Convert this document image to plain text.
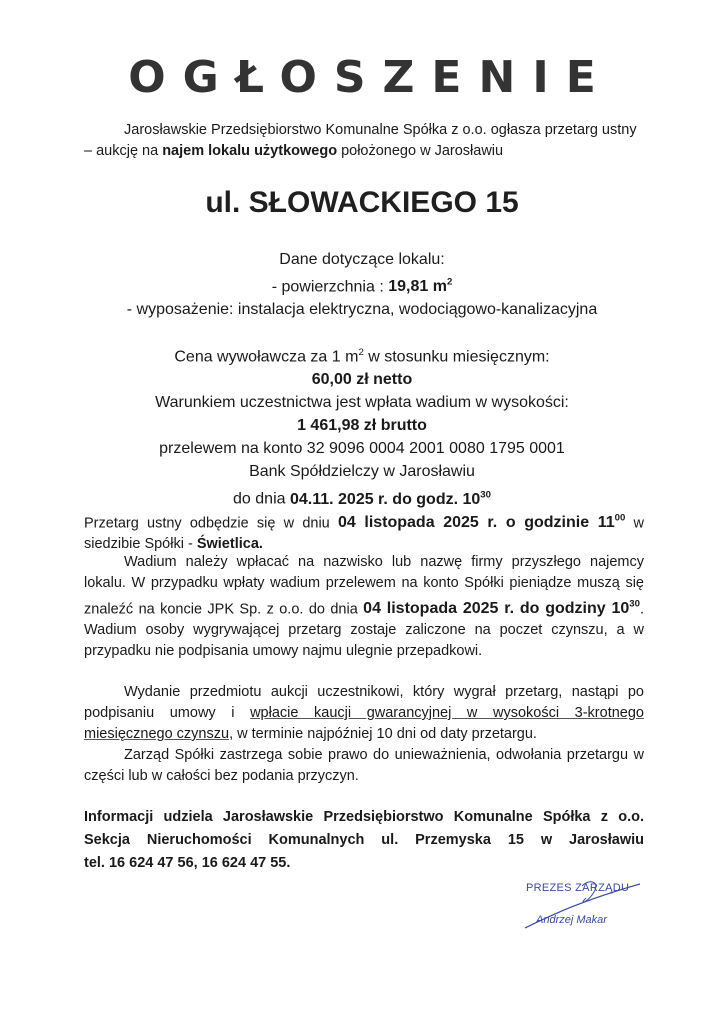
OGŁOSZENIE
Jarosławskie Przedsiębiorstwo Komunalne Spółka z o.o. ogłasza przetarg ustny – aukcję na najem lokalu użytkowego położonego w Jarosławiu
ul. SŁOWACKIEGO 15
Dane dotyczące lokalu:
- powierzchnia : 19,81 $m^2$
- wyposażenie: instalacja elektryczna, wodociągowo-kanalizacyjna
Cena wywoławcza za 1 $m^2$ w stosunku miesięcznym:
60,00 zł netto
Warunkiem uczestnictwa jest wpłata wadium w wysokości:
1 461,98 zł brutto
przelewem na konto 32 9096 0004 2001 0080 1795 0001
Bank Spółdzielczy w Jarosławiu
do dnia 04.11. 2025 r. do godz. $10^{30}$
Przetarg ustny odbędzie się w dniu 04 listopada 2025 r. o godzinie $11^{00}$ w siedzibie Spółki - Świetlica.
Wadium należy wpłacać na nazwisko lub nazwę firmy przyszłego najemcy lokalu. W przypadku wpłaty wadium przelewem na konto Spółki pieniądze muszą się znaleźć na koncie JPK Sp. z o.o. do dnia 04 listopada 2025 r. do godziny $10^{30}$. Wadium osoby wygrywającej przetarg zostaje zaliczone na poczet czynszu, a w przypadku nie podpisania umowy najmu ulegnie przepadkowi.
Wydanie przedmiotu aukcji uczestnikowi, który wygrał przetarg, nastąpi po podpisaniu umowy i wpłacie kaucji gwarancyjnej w wysokości 3-krotnego miesięcznego czynszu, w terminie najpóźniej 10 dni od daty przetargu.
Zarząd Spółki zastrzega sobie prawo do unieważnienia, odwołania przetargu w części lub w całości bez podania przyczyn.
Informacji udziela Jarosławskie Przedsiębiorstwo Komunalne Spółka z o.o.
Sekcja Nieruchomości Komunalnych ul. Przemyska 15 w Jarosławiu
tel. 16 624 47 56, 16 624 47 55.
PREZES ZARZĄDU
Andrzej Makar
